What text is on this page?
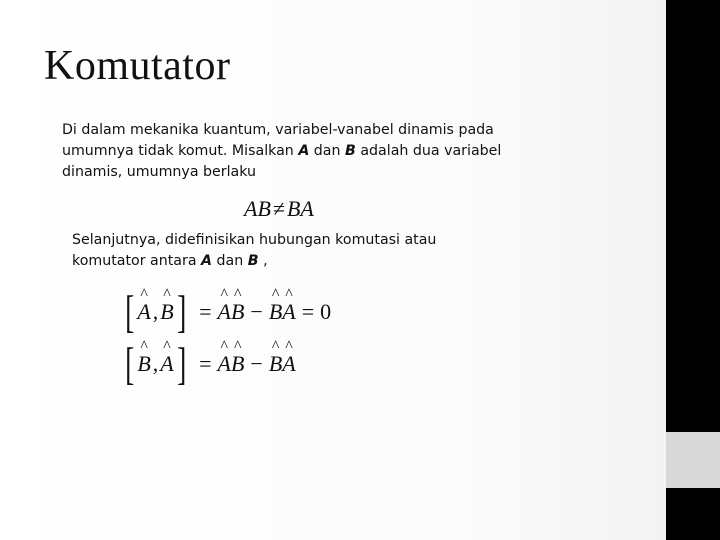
Komutator
Di dalam mekanika kuantum, variabel-vanabel dinamis pada umumnya tidak komut. Misalkan A dan B adalah dua variabel dinamis, umumnya berlaku
AB≠BA
Selanjutnya, didefinisikan hubungan komutasi atau komutator antara A dan B ,
[ ^ A , ^ B ] = ^ A^ B − ^ B^ A = 0
[ ^ B , ^ A ] = ^ A^ B − ^ B^ A
